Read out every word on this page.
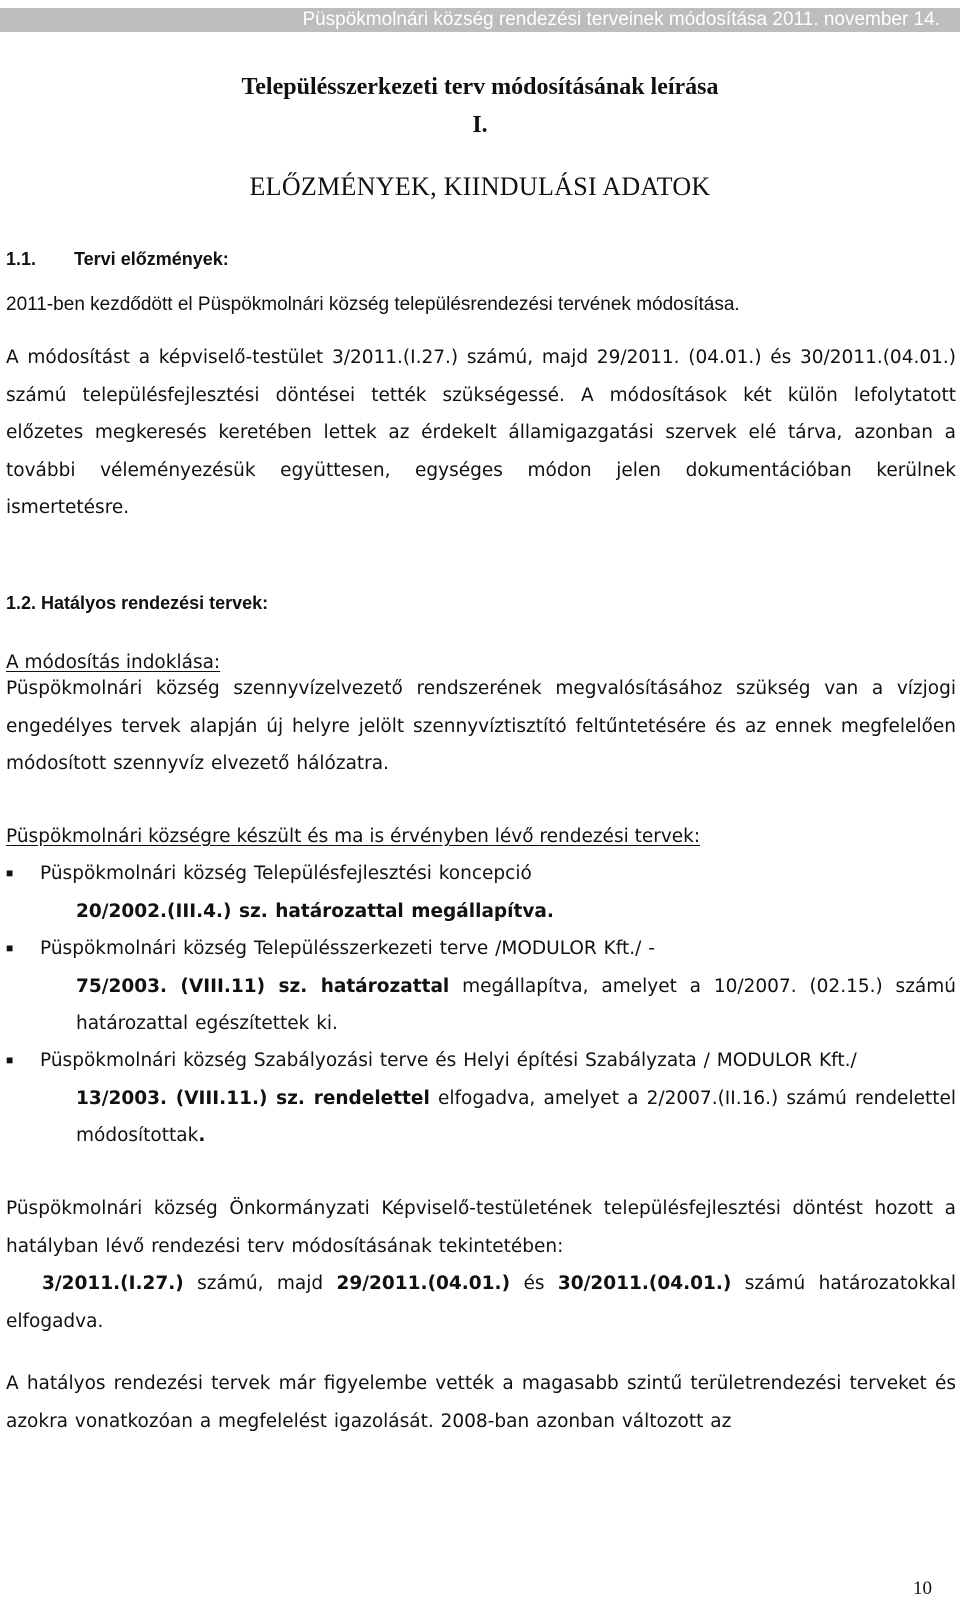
Püspökmolnári község rendezési terveinek módosítása 2011. november 14.
Településszerkezeti terv módosításának leírása
I.
ELŐZMÉNYEK, KIINDULÁSI ADATOK
1.1. Tervi előzmények:
2011-ben kezdődött el Püspökmolnári község településrendezési tervének módosítása.
A módosítást a képviselő-testület 3/2011.(I.27.) számú, majd 29/2011. (04.01.) és 30/2011.(04.01.) számú településfejlesztési döntései tették szükségessé. A módosítások két külön lefolytatott előzetes megkeresés keretében lettek az érdekelt államigazgatási szervek elé tárva, azonban a további véleményezésük együttesen, egységes módon jelen dokumentációban kerülnek ismertetésre.
1.2. Hatályos rendezési tervek:
A módosítás indoklása:
Püspökmolnári község szennyvízelvezető rendszerének megvalósításához szükség van a vízjogi engedélyes tervek alapján új helyre jelölt szennyvíztisztító feltűntetésére és az ennek megfelelően módosított szennyvíz elvezető hálózatra.
Püspökmolnári községre készült és ma is érvényben lévő rendezési tervek:
■ Püspökmolnári község Településfejlesztési koncepció
20/2002.(III.4.) sz. határozattal megállapítva.
■ Püspökmolnári község Településszerkezeti terve /MODULOR Kft./ -
75/2003. (VIII.11) sz. határozattal megállapítva, amelyet a 10/2007. (02.15.) számú határozattal egészítettek ki.
■ Püspökmolnári község Szabályozási terve és Helyi építési Szabályzata / MODULOR Kft./
13/2003. (VIII.11.) sz. rendelettel elfogadva, amelyet a 2/2007.(II.16.) számú rendelettel módosítottak.
Püspökmolnári község Önkormányzati Képviselő-testületének településfejlesztési döntést hozott a hatályban lévő rendezési terv módosításának tekintetében:
3/2011.(I.27.) számú, majd 29/2011.(04.01.) és 30/2011.(04.01.) számú határozatokkal elfogadva.
A hatályos rendezési tervek már figyelembe vették a magasabb szintű területrendezési terveket és azokra vonatkozóan a megfelelést igazolását. 2008-ban azonban változott az
10
